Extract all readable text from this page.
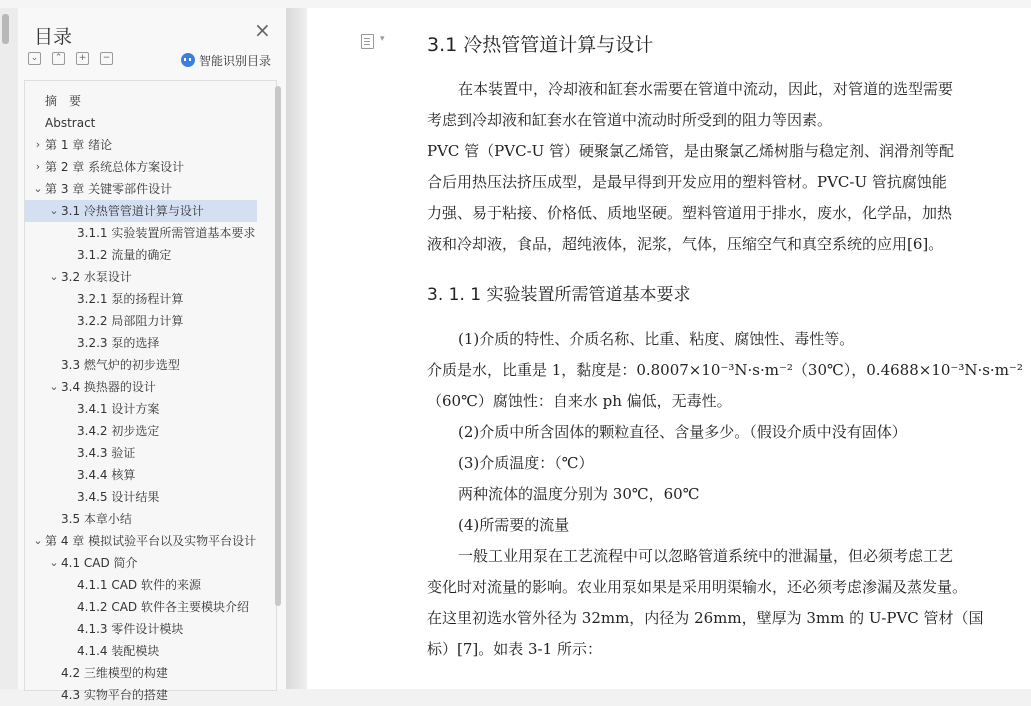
目录	×
⌄	⌃	+	−	智能识别目录
摘　要
Abstract
› 第 1 章 绪论
› 第 2 章 系统总体方案设计
⌄ 第 3 章 关键零部件设计
⌄ 3.1 冷热管管道计算与设计
3.1.1 实验装置所需管道基本要求
3.1.2 流量的确定
⌄ 3.2 水泵设计
3.2.1 泵的扬程计算
3.2.2 局部阻力计算
3.2.3 泵的选择
3.3 燃气炉的初步选型
⌄ 3.4 换热器的设计
3.4.1 设计方案
3.4.2 初步选定
3.4.3 验证
3.4.4 核算
3.4.5 设计结果
3.5 本章小结
⌄ 第 4 章 模拟试验平台以及实物平台设计
⌄ 4.1 CAD 简介
4.1.1 CAD 软件的来源
4.1.2 CAD 软件各主要模块介绍
4.1.3 零件设计模块
4.1.4 装配模块
4.2 三维模型的构建
4.3 实物平台的搭建
▾ 3.1 冷热管管道计算与设计
3. 1. 1 实验装置所需管道基本要求
在本装置中，冷却液和缸套水需要在管道中流动，因此，对管道的选型需要
考虑到冷却液和缸套水在管道中流动时所受到的阻力等因素。
PVC 管（PVC-U 管）硬聚氯乙烯管，是由聚氯乙烯树脂与稳定剂、润滑剂等配
合后用热压法挤压成型，是最早得到开发应用的塑料管材。PVC-U 管抗腐蚀能
力强、易于粘接、价格低、质地坚硬。塑料管道用于排水，废水，化学品，加热
液和冷却液，食品，超纯液体，泥浆，气体，压缩空气和真空系统的应用[6]。
(1)介质的特性、介质名称、比重、粘度、腐蚀性、毒性等。
介质是水，比重是 1，黏度是：0.8007×10⁻³N·s·m⁻²（30℃），0.4688×10⁻³N·s·m⁻²
（60℃）腐蚀性：自来水 ph 偏低，无毒性。
(2)介质中所含固体的颗粒直径、含量多少。（假设介质中没有固体）
(3)介质温度：（℃）
两种流体的温度分别为 30℃，60℃
(4)所需要的流量
一般工业用泵在工艺流程中可以忽略管道系统中的泄漏量，但必须考虑工艺
变化时对流量的影响。农业用泵如果是采用明渠输水，还必须考虑渗漏及蒸发量。
在这里初选水管外径为 32mm，内径为 26mm，壁厚为 3mm 的 U-PVC 管材（国
标）[7]。如表 3-1 所示：
